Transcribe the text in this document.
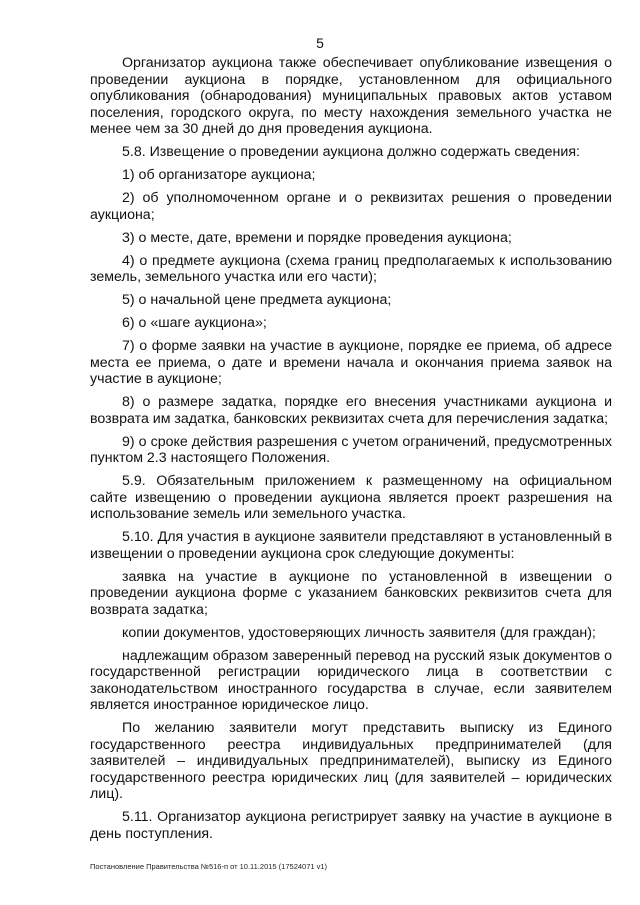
5

Организатор аукциона также обеспечивает опубликование извещения о проведении аукциона в порядке, установленном для официального опубликования (обнародования) муниципальных правовых актов уставом поселения, городского округа, по месту нахождения земельного участка не менее чем за 30 дней до дня проведения аукциона.

5.8. Извещение о проведении аукциона должно содержать сведения:

1) об организаторе аукциона;

2) об уполномоченном органе и о реквизитах решения о проведении аукциона;

3) о месте, дате, времени и порядке проведения аукциона;

4) о предмете аукциона (схема границ предполагаемых к использованию земель, земельного участка или его части);

5) о начальной цене предмета аукциона;

6) о «шаге аукциона»;

7) о форме заявки на участие в аукционе, порядке ее приема, об адресе места ее приема, о дате и времени начала и окончания приема заявок на участие в аукционе;

8) о размере задатка, порядке его внесения участниками аукциона и возврата им задатка, банковских реквизитах счета для перечисления задатка;

9) о сроке действия разрешения с учетом ограничений, предусмотренных пунктом 2.3 настоящего Положения.

5.9. Обязательным приложением к размещенному на официальном сайте извещению о проведении аукциона является проект разрешения на использование земель или земельного участка.

5.10. Для участия в аукционе заявители представляют в установленный в извещении о проведении аукциона срок следующие документы:

заявка на участие в аукционе по установленной в извещении о проведении аукциона форме с указанием банковских реквизитов счета для возврата задатка;

копии документов, удостоверяющих личность заявителя (для граждан);

надлежащим образом заверенный перевод на русский язык документов о государственной регистрации юридического лица в соответствии с законодательством иностранного государства в случае, если заявителем является иностранное юридическое лицо.

По желанию заявители могут представить выписку из Единого государственного реестра индивидуальных предпринимателей (для заявителей – индивидуальных предпринимателей), выписку из Единого государственного реестра юридических лиц (для заявителей – юридических лиц).

5.11. Организатор аукциона регистрирует заявку на участие в аукционе в день поступления.

Постановление Правительства №516-п от 10.11.2015 (17524071 v1)
